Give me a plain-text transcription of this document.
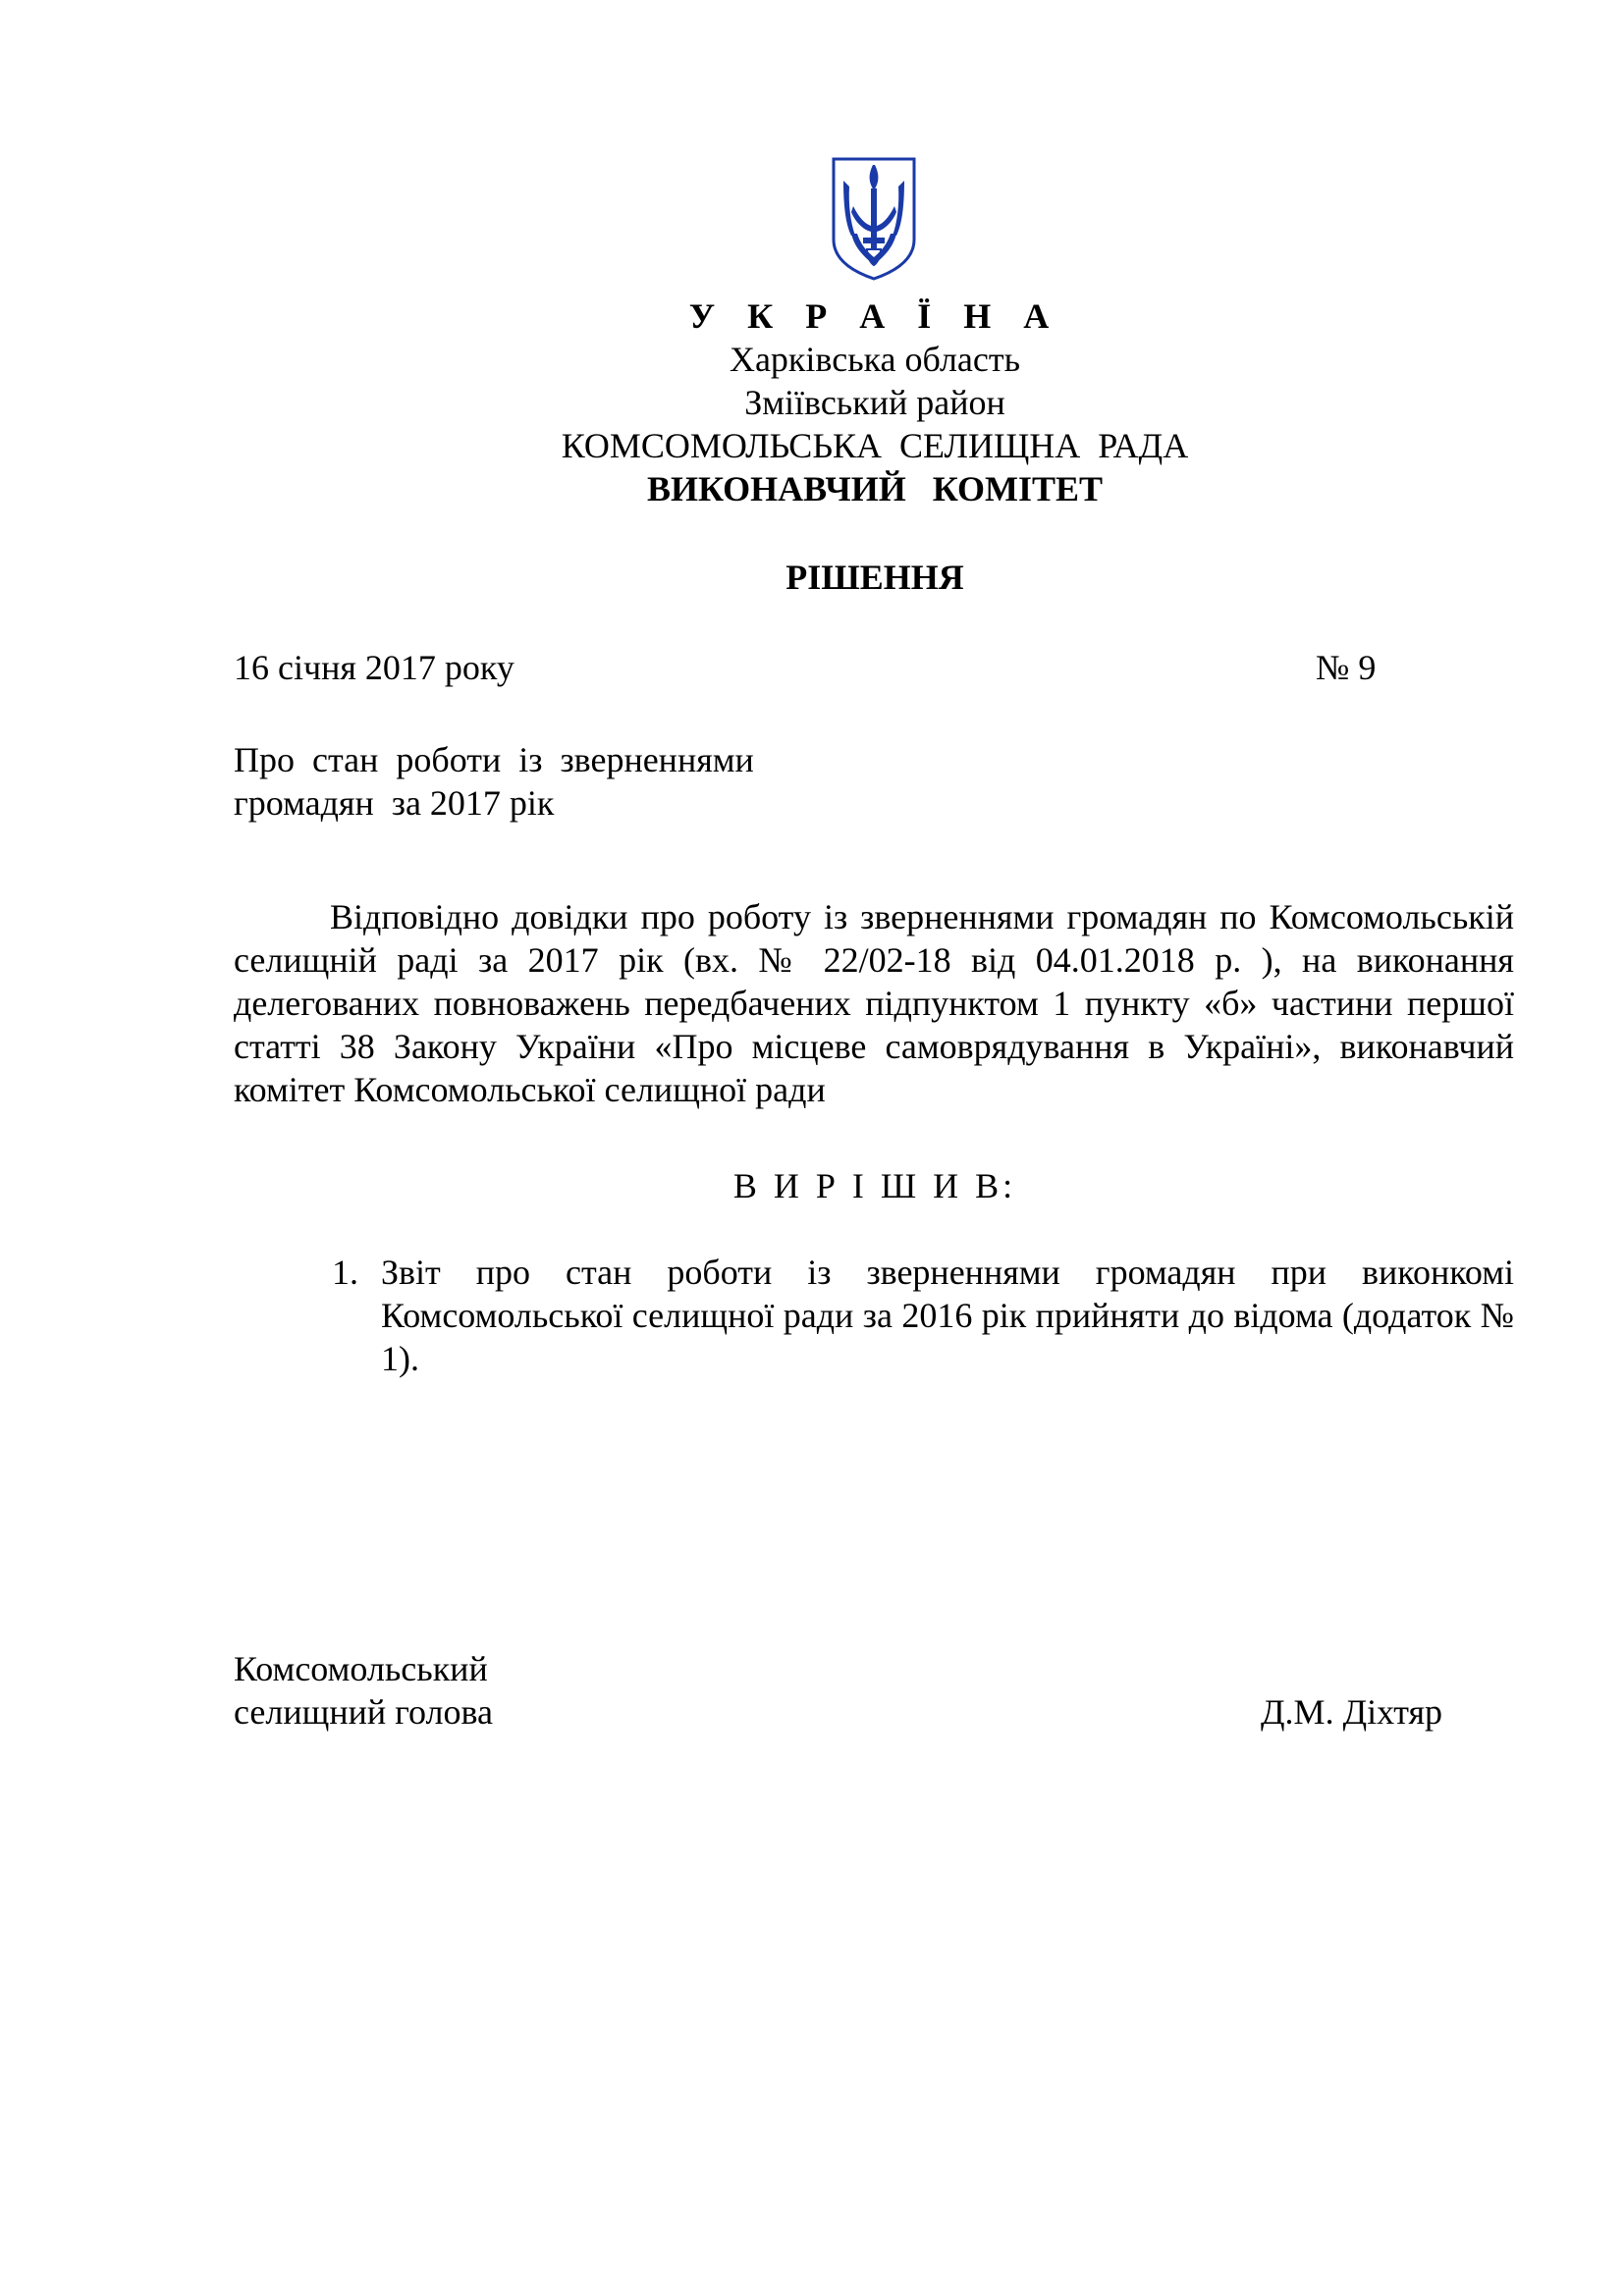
У К Р А Ї Н А
Харківська область
Зміївський район
КОМСОМОЛЬСЬКА  СЕЛИЩНА  РАДА
ВИКОНАВЧИЙ   КОМІТЕТ
РІШЕННЯ
16 січня 2017 року	№ 9
Про  стан  роботи  із  зверненнями
громадян  за 2017 рік
Відповідно довідки про роботу із зверненнями громадян по Комсомольській селищній раді за 2017 рік (вх. № 22/02-18 від 04.01.2018 р. ), на виконання делегованих повноважень передбачених підпунктом 1 пункту «б» частини першої статті 38 Закону України «Про місцеве самоврядування в Україні», виконавчий комітет Комсомольської селищної ради
В И Р І Ш И В:
1. Звіт про стан роботи із зверненнями громадян при виконкомі Комсомольської селищної ради за 2016 рік прийняти до відома (додаток № 1).
Комсомольський
селищний голова	Д.М. Діхтяр
